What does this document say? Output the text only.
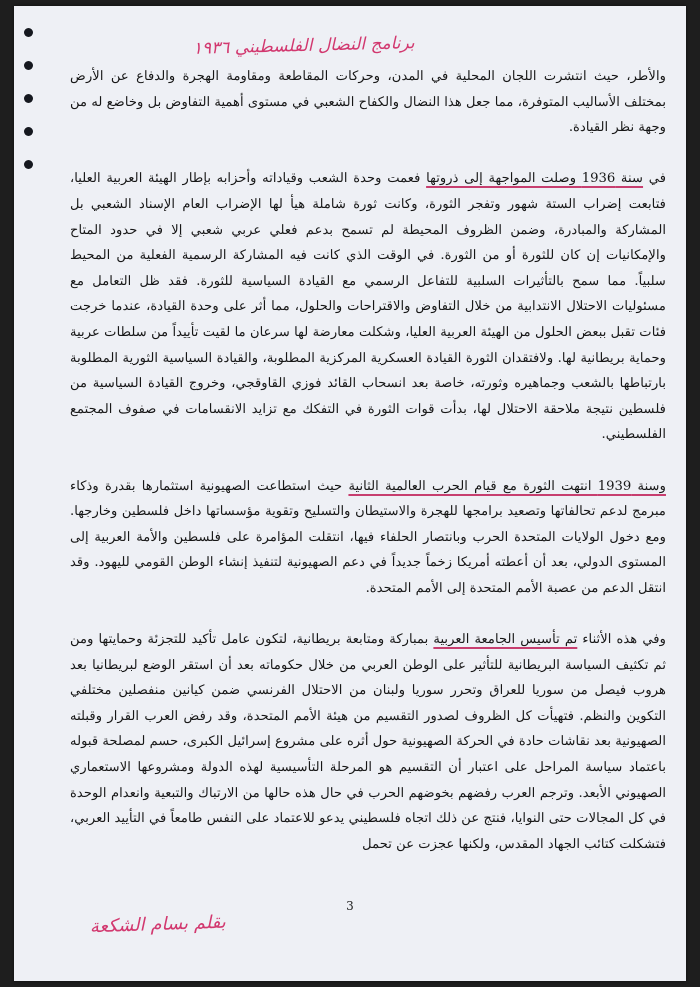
برنامج النضال الفلسطيني ١٩٣٦

والأطر، حيث انتشرت اللجان المحلية في المدن، وحركات المقاطعة ومقاومة الهجرة والدفاع عن الأرض بمختلف الأساليب المتوفرة، مما جعل هذا النضال والكفاح الشعبي في مستوى أهمية التفاوض بل وخاضع له من وجهة نظر القيادة.

في سنة 1936 وصلت المواجهة إلى ذروتها فعمت وحدة الشعب وقياداته وأحزابه بإطار الهيئة العربية العليا، فتابعت إضراب الستة شهور وتفجر الثورة، وكانت ثورة شاملة هيأ لها الإضراب العام الإسناد الشعبي بل المشاركة والمبادرة، وضمن الظروف المحيطة لم تسمح بدعم فعلي عربي شعبي إلا في حدود المتاح والإمكانيات إن كان للثورة أو من الثورة. في الوقت الذي كانت فيه المشاركة الرسمية الفعلية من المحيط سلبياً. مما سمح بالتأثيرات السلبية للتفاعل الرسمي مع القيادة السياسية للثورة. فقد ظل التعامل مع مسئوليات الاحتلال الانتدابية من خلال التفاوض والاقتراحات والحلول، مما أثر على وحدة القيادة، عندما خرجت فئات تقبل ببعض الحلول من الهيئة العربية العليا، وشكلت معارضة لها سرعان ما لقيت تأييداً من سلطات عربية وحماية بريطانية لها. ولافتقدان الثورة القيادة العسكرية المركزية المطلوبة، والقيادة السياسية الثورية المطلوبة بارتباطها بالشعب وجماهيره وثورته، خاصة بعد انسحاب القائد فوزي القاوقجي، وخروج القيادة السياسية من فلسطين نتيجة ملاحقة الاحتلال لها، بدأت قوات الثورة في التفكك مع تزايد الانقسامات في صفوف المجتمع الفلسطيني.

وسنة 1939 انتهت الثورة مع قيام الحرب العالمية الثانية حيث استطاعت الصهيونية استثمارها بقدرة وذكاء مبرمج لدعم تحالفاتها وتصعيد برامجها للهجرة والاستيطان والتسليح وتقوية مؤسساتها داخل فلسطين وخارجها. ومع دخول الولايات المتحدة الحرب وبانتصار الحلفاء فيها، انتقلت المؤامرة على فلسطين والأمة العربية إلى المستوى الدولي، بعد أن أعطته أمريكا زخماً جديداً في دعم الصهيونية لتنفيذ إنشاء الوطن القومي لليهود. وقد انتقل الدعم من عصبة الأمم المتحدة إلى الأمم المتحدة.

وفي هذه الأثناء تم تأسيس الجامعة العربية بمباركة ومتابعة بريطانية، لتكون عامل تأكيد للتجزئة وحمايتها ومن ثم تكثيف السياسة البريطانية للتأثير على الوطن العربي من خلال حكوماته بعد أن استقر الوضع لبريطانيا بعد هروب فيصل من سوريا للعراق وتحرر سوريا ولبنان من الاحتلال الفرنسي ضمن كيانين منفصلين مختلفي التكوين والنظم. فتهيأت كل الظروف لصدور التقسيم من هيئة الأمم المتحدة، وقد رفض العرب القرار وقبلته الصهيونية بعد نقاشات حادة في الحركة الصهيونية حول أثره على مشروع إسرائيل الكبرى، حسم لمصلحة قبوله باعتماد سياسة المراحل على اعتبار أن التقسيم هو المرحلة التأسيسية لهذه الدولة ومشروعها الاستعماري الصهيوني الأبعد. وترجم العرب رفضهم بخوضهم الحرب في حال هذه حالها من الارتباك والتبعية وانعدام الوحدة في كل المجالات حتى النوايا، فنتج عن ذلك اتجاه فلسطيني يدعو للاعتماد على النفس طامعاً في التأييد العربي، فتشكلت كتائب الجهاد المقدس، ولكنها عجزت عن تحمل

3
بقلم بسام الشكعة
